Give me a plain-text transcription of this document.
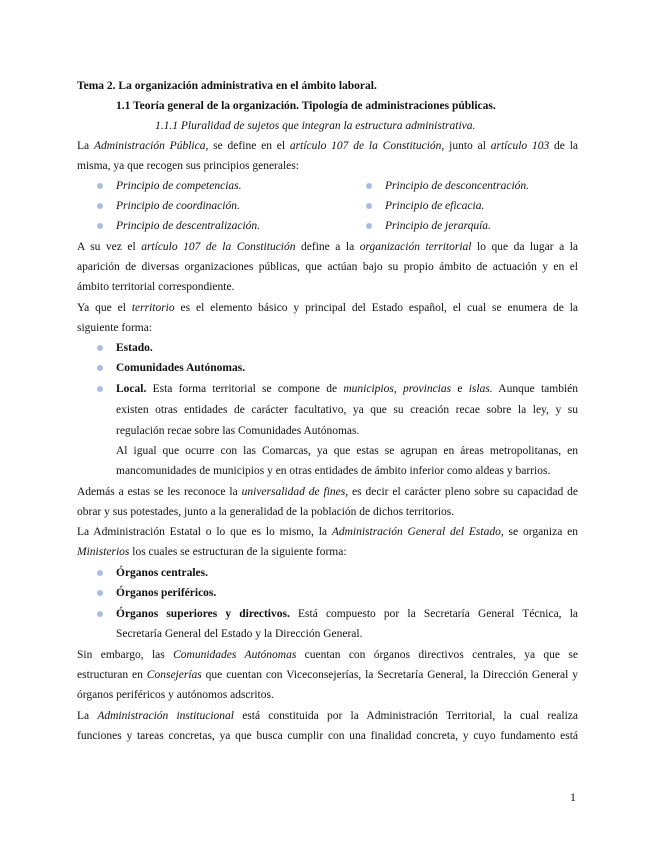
Tema 2. La organización administrativa en el ámbito laboral.
1.1 Teoría general de la organización. Tipología de administraciones públicas.
1.1.1 Pluralidad de sujetos que integran la estructura administrativa.
La Administración Pública, se define en el artículo 107 de la Constitución, junto al artículo 103 de la
misma, ya que recogen sus principios generales:
Principio de competencias.
Principio de coordinación.
Principio de descentralización.
Principio de desconcentración.
Principio de eficacia.
Principio de jerarquía.
A su vez el artículo 107 de la Constitución define a la organización territorial lo que da lugar a la
aparición de diversas organizaciones públicas, que actúan bajo su propio ámbito de actuación y en el
ámbito territorial correspondiente.
Ya que el territorio es el elemento básico y principal del Estado español, el cual se enumera de la
siguiente forma:
Estado.
Comunidades Autónomas.
Local. Esta forma territorial se compone de municipios, provincias e islas. Aunque también
existen otras entidades de carácter facultativo, ya que su creación recae sobre la ley, y su
regulación recae sobre las Comunidades Autónomas.
Al igual que ocurre con las Comarcas, ya que estas se agrupan en áreas metropolitanas, en
mancomunidades de municipios y en otras entidades de ámbito inferior como aldeas y barrios.
Además a estas se les reconoce la universalidad de fines, es decir el carácter pleno sobre su capacidad de
obrar y sus potestades, junto a la generalidad de la población de dichos territorios.
La Administración Estatal o lo que es lo mismo, la Administración General del Estado, se organiza en
Ministerios los cuales se estructuran de la siguiente forma:
Órganos centrales.
Órganos periféricos.
Órganos superiores y directivos. Está compuesto por la Secretaría General Técnica, la
Secretaría General del Estado y la Dirección General.
Sin embargo, las Comunidades Autónomas cuentan con órganos directivos centrales, ya que se
estructuran en Consejerías que cuentan con Viceconsejerías, la Secretaría General, la Dirección General y
órganos periféricos y autónomos adscritos.
La Administración institucional está constituida por la Administración Territorial, la cual realiza
funciones y tareas concretas, ya que busca cumplir con una finalidad concreta, y cuyo fundamento está
1
